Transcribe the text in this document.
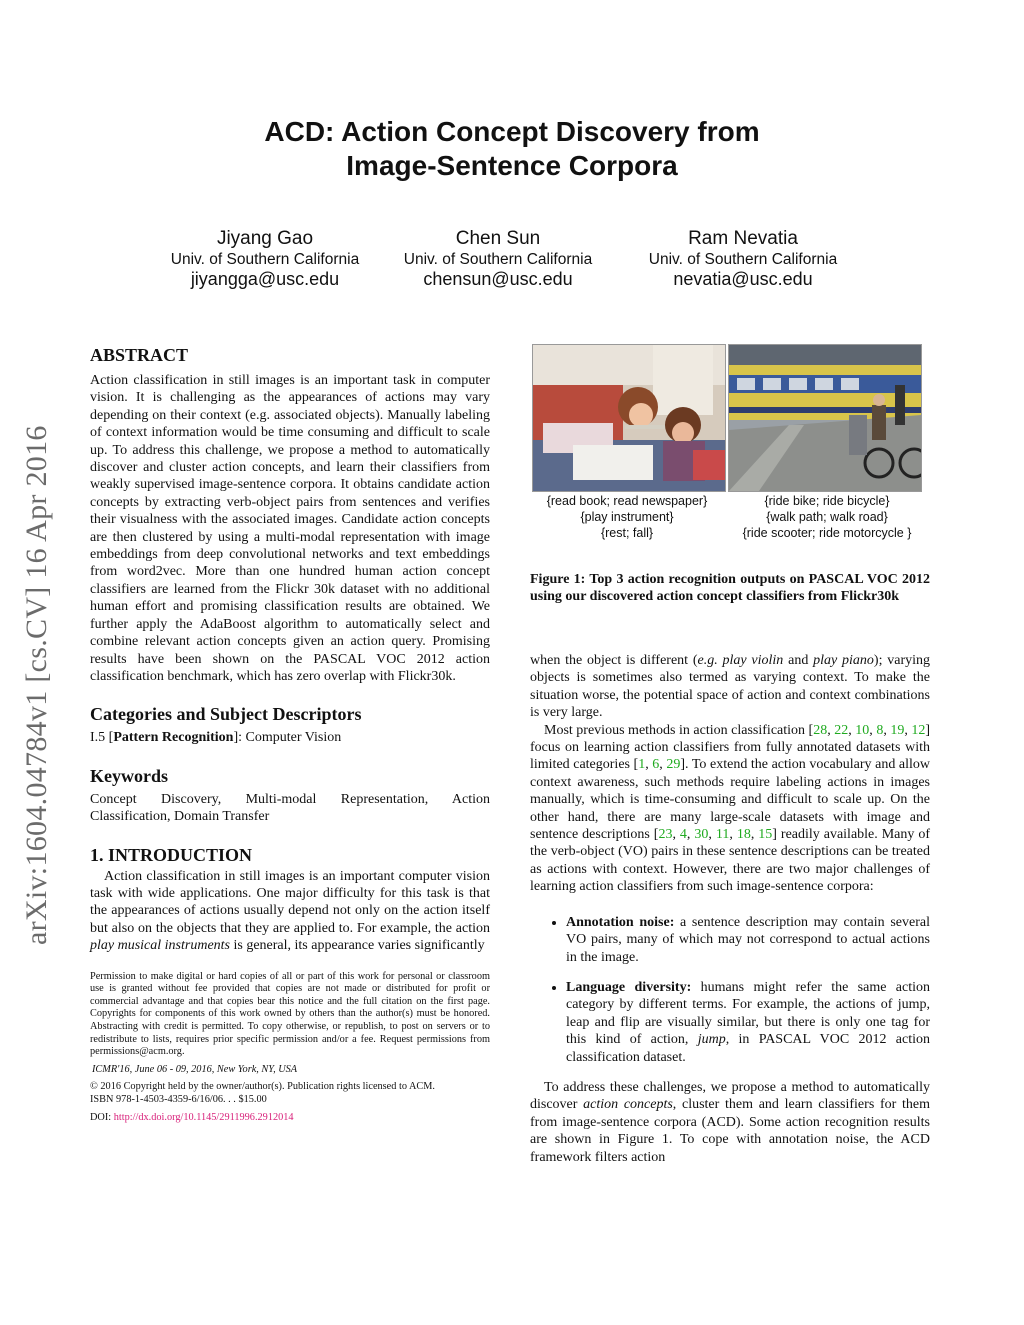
arXiv:1604.04784v1 [cs.CV] 16 Apr 2016
ACD: Action Concept Discovery from
Image-Sentence Corpora
Jiyang Gao
Univ. of Southern California
jiyangga@usc.edu
Chen Sun
Univ. of Southern California
chensun@usc.edu
Ram Nevatia
Univ. of Southern California
nevatia@usc.edu
ABSTRACT

Action classification in still images is an important task in computer vision. It is challenging as the appearances of actions may vary depending on their context (e.g. associated objects). Manually labeling of context information would be time consuming and difficult to scale up. To address this challenge, we propose a method to automatically discover and cluster action concepts, and learn their classifiers from weakly supervised image-sentence corpora. It obtains candidate action concepts by extracting verb-object pairs from sentences and verifies their visualness with the associated images. Candidate action concepts are then clustered by using a multi-modal representation with image embeddings from deep convolutional networks and text embeddings from word2vec. More than one hundred human action concept classifiers are learned from the Flickr 30k dataset with no additional human effort and promising classification results are obtained. We further apply the AdaBoost algorithm to automatically select and combine relevant action concepts given an action query. Promising results have been shown on the PASCAL VOC 2012 action classification benchmark, which has zero overlap with Flickr30k.

Categories and Subject Descriptors

I.5 [Pattern Recognition]: Computer Vision

Keywords

Concept Discovery, Multi-modal Representation, Action Classification, Domain Transfer

1. INTRODUCTION

Action classification in still images is an important computer vision task with wide applications. One major difficulty for this task is that the appearances of actions usually depend not only on the action itself but also on the objects that they are applied to. For example, the action play musical instruments is general, its appearance varies significantly

Permission to make digital or hard copies of all or part of this work for personal or classroom use is granted without fee provided that copies are not made or distributed for profit or commercial advantage and that copies bear this notice and the full citation on the first page. Copyrights for components of this work owned by others than the author(s) must be honored. Abstracting with credit is permitted. To copy otherwise, or republish, to post on servers or to redistribute to lists, requires prior specific permission and/or a fee. Request permissions from permissions@acm.org.

ICMR'16, June 06 - 09, 2016, New York, NY, USA

© 2016 Copyright held by the owner/author(s). Publication rights licensed to ACM.

ISBN 978-1-4503-4359-6/16/06. . . $15.00

DOI: http://dx.doi.org/10.1145/2911996.2912014

{read book; read newspaper}
{play instrument}
{rest; fall}
{ride bike; ride bicycle}
{walk path; walk road}
{ride scooter; ride motorcycle }
Figure 1: Top 3 action recognition outputs on PASCAL VOC 2012 using our discovered action concept classifiers from Flickr30k

when the object is different (e.g. play violin and play piano); varying objects is sometimes also termed as varying context. To make the situation worse, the potential space of action and context combinations is very large.

Most previous methods in action classification [28, 22, 10, 8, 19, 12] focus on learning action classifiers from fully annotated datasets with limited categories [1, 6, 29]. To extend the action vocabulary and allow context awareness, such methods require labeling actions in images manually, which is time-consuming and difficult to scale up. On the other hand, there are many large-scale datasets with image and sentence descriptions [23, 4, 30, 11, 18, 15] readily available. Many of the verb-object (VO) pairs in these sentence descriptions can be treated as actions with context. However, there are two major challenges of learning action classifiers from such image-sentence corpora:

• Annotation noise: a sentence description may contain several VO pairs, many of which may not correspond to actual actions in the image.
• Language diversity: humans might refer the same action category by different terms. For example, the actions of jump, leap and flip are visually similar, but there is only one tag for this kind of action, jump, in PASCAL VOC 2012 action classification dataset.

To address these challenges, we propose a method to automatically discover action concepts, cluster them and learn classifiers for them from image-sentence corpora (ACD). Some action recognition results are shown in Figure 1. To cope with annotation noise, the ACD framework filters action
